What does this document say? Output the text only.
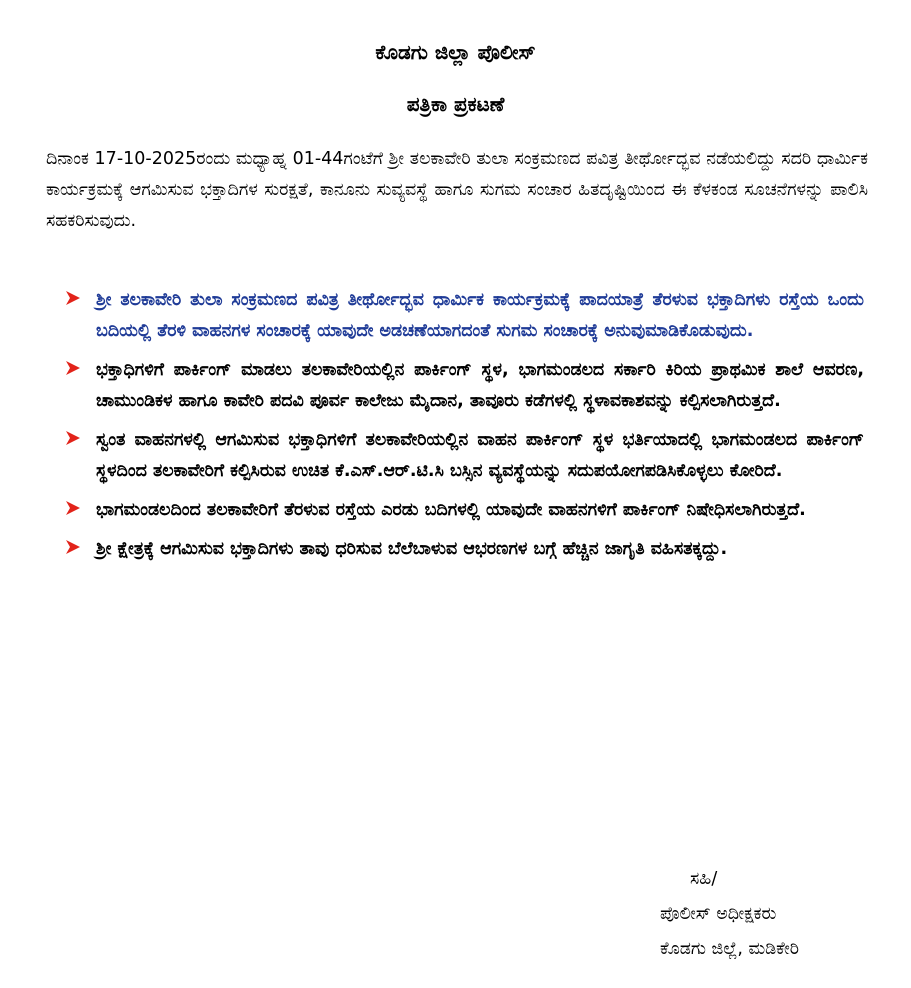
ಕೊಡಗು ಜಿಲ್ಲಾ ಪೊಲೀಸ್
ಪತ್ರಿಕಾ ಪ್ರಕಟಣೆ
ದಿನಾಂಕ 17-10-2025ರಂದು ಮಧ್ಯಾಹ್ನ 01-44ಗಂಟೆಗೆ ಶ್ರೀ ತಲಕಾವೇರಿ ತುಲಾ ಸಂಕ್ರಮಣದ ಪವಿತ್ರ ತೀರ್ಥೋದ್ಭವ ನಡೆಯಲಿದ್ದು ಸದರಿ ಧಾರ್ಮಿಕ ಕಾರ್ಯಕ್ರಮಕ್ಕೆ ಆಗಮಿಸುವ ಭಕ್ತಾದಿಗಳ ಸುರಕ್ಷತೆ, ಕಾನೂನು ಸುವ್ಯವಸ್ಥೆ ಹಾಗೂ ಸುಗಮ ಸಂಚಾರ ಹಿತದೃಷ್ಟಿಯಿಂದ ಈ ಕೆಳಕಂಡ ಸೂಚನೆಗಳನ್ನು ಪಾಲಿಸಿ ಸಹಕರಿಸುವುದು.
ಶ್ರೀ ತಲಕಾವೇರಿ ತುಲಾ ಸಂಕ್ರಮಣದ ಪವಿತ್ರ ತೀರ್ಥೋದ್ಭವ ಧಾರ್ಮಿಕ ಕಾರ್ಯಕ್ರಮಕ್ಕೆ ಪಾದಯಾತ್ರೆ ತೆರಳುವ ಭಕ್ತಾದಿಗಳು ರಸ್ತೆಯ ಒಂದು ಬದಿಯಲ್ಲಿ ತೆರಳಿ ವಾಹನಗಳ ಸಂಚಾರಕ್ಕೆ ಯಾವುದೇ ಅಡಚಣೆಯಾಗದಂತೆ ಸುಗಮ ಸಂಚಾರಕ್ಕೆ ಅನುವುಮಾಡಿಕೊಡುವುದು.
ಭಕ್ತಾಧಿಗಳಿಗೆ ಪಾರ್ಕಿಂಗ್ ಮಾಡಲು ತಲಕಾವೇರಿಯಲ್ಲಿನ ಪಾರ್ಕಿಂಗ್ ಸ್ಥಳ, ಭಾಗಮಂಡಲದ ಸರ್ಕಾರಿ ಕಿರಿಯ ಪ್ರಾಥಮಿಕ ಶಾಲೆ ಆವರಣ, ಚಾಮುಂಡಿಕಳ ಹಾಗೂ ಕಾವೇರಿ ಪದವಿ ಪೂರ್ವ ಕಾಲೇಜು ಮೈದಾನ, ತಾವೂರು ಕಡೆಗಳಲ್ಲಿ ಸ್ಥಳಾವಕಾಶವನ್ನು ಕಲ್ಪಿಸಲಾಗಿರುತ್ತದೆ.
ಸ್ವಂತ ವಾಹನಗಳಲ್ಲಿ ಆಗಮಿಸುವ ಭಕ್ತಾಧಿಗಳಿಗೆ ತಲಕಾವೇರಿಯಲ್ಲಿನ ವಾಹನ ಪಾರ್ಕಿಂಗ್ ಸ್ಥಳ ಭರ್ತಿಯಾದಲ್ಲಿ ಭಾಗಮಂಡಲದ ಪಾರ್ಕಿಂಗ್ ಸ್ಥಳದಿಂದ ತಲಕಾವೇರಿಗೆ ಕಲ್ಪಿಸಿರುವ ಉಚಿತ ಕೆ.ಎಸ್.ಆರ್.ಟಿ.ಸಿ ಬಸ್ಸಿನ ವ್ಯವಸ್ಥೆಯನ್ನು ಸದುಪಯೋಗಪಡಿಸಿಕೊಳ್ಳಲು ಕೋರಿದೆ.
ಭಾಗಮಂಡಲದಿಂದ ತಲಕಾವೇರಿಗೆ ತೆರಳುವ ರಸ್ತೆಯ ಎರಡು ಬದಿಗಳಲ್ಲಿ ಯಾವುದೇ ವಾಹನಗಳಿಗೆ ಪಾರ್ಕಿಂಗ್ ನಿಷೇಧಿಸಲಾಗಿರುತ್ತದೆ.
ಶ್ರೀ ಕ್ಷೇತ್ರಕ್ಕೆ ಆಗಮಿಸುವ ಭಕ್ತಾದಿಗಳು ತಾವು ಧರಿಸುವ ಬೆಲೆಬಾಳುವ ಆಭರಣಗಳ ಬಗ್ಗೆ ಹೆಚ್ಚಿನ ಜಾಗೃತಿ ವಹಿಸತಕ್ಕದ್ದು.
ಸಹಿ/
ಪೊಲೀಸ್ ಅಧೀಕ್ಷಕರು
ಕೊಡಗು ಜಿಲ್ಲೆ, ಮಡಿಕೇರಿ
